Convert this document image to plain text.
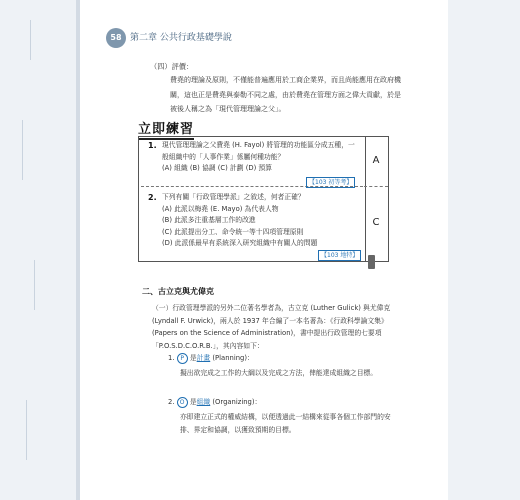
58 第二章 公共行政基礎學說
（四）評價：
費堯的理論及原則，不僅能普遍應用於工商企業界，而且尚能應用在政府機關，這也正是費堯與泰勒不同之處，由於費堯在管理方面之偉大貢獻，於是被後人稱之為「現代管理理論之父」。
立即練習
A
C
1. 現代管理理論之父費堯 (H. Fayol) 將管理的功能區分成五種，一般組織中的「人事作業」係屬何種功能？
(A) 組織 (B) 協調 (C) 計劃 (D) 預算
【103 初等考】
2. 下列有關「行政管理學派」之敘述，何者正確？
(A) 此派以梅堯 (E. Mayo) 為代表人物
(B) 此派多注重基層工作的改進
(C) 此派提出分工、命令統一等十四項管理原則
(D) 此派係最早有系統深入研究組織中有關人的問題
【103 地特】
二、古立克與尤偉克
（一）行政管理學派的另外二位著名學者為，古立克 (Luther Gulick) 與尤偉克 (Lyndall F. Urwick)，兩人於 1937 年合編了一本名著為：《行政科學論文集》(Papers on the Science of Administration)，書中提出行政管理的七要項「P.O.S.D.C.O.R.B.」，其內容如下：
1. P 是計畫 (Planning)：
擬出欲完成之工作的大綱以及完成之方法，俾能達成組織之目標。
2. O 是組織 (Organizing)：
亦即建立正式的權威結構，以便透過此一結構來從事各個工作部門的安排、界定和協調，以獲致預期的目標。
